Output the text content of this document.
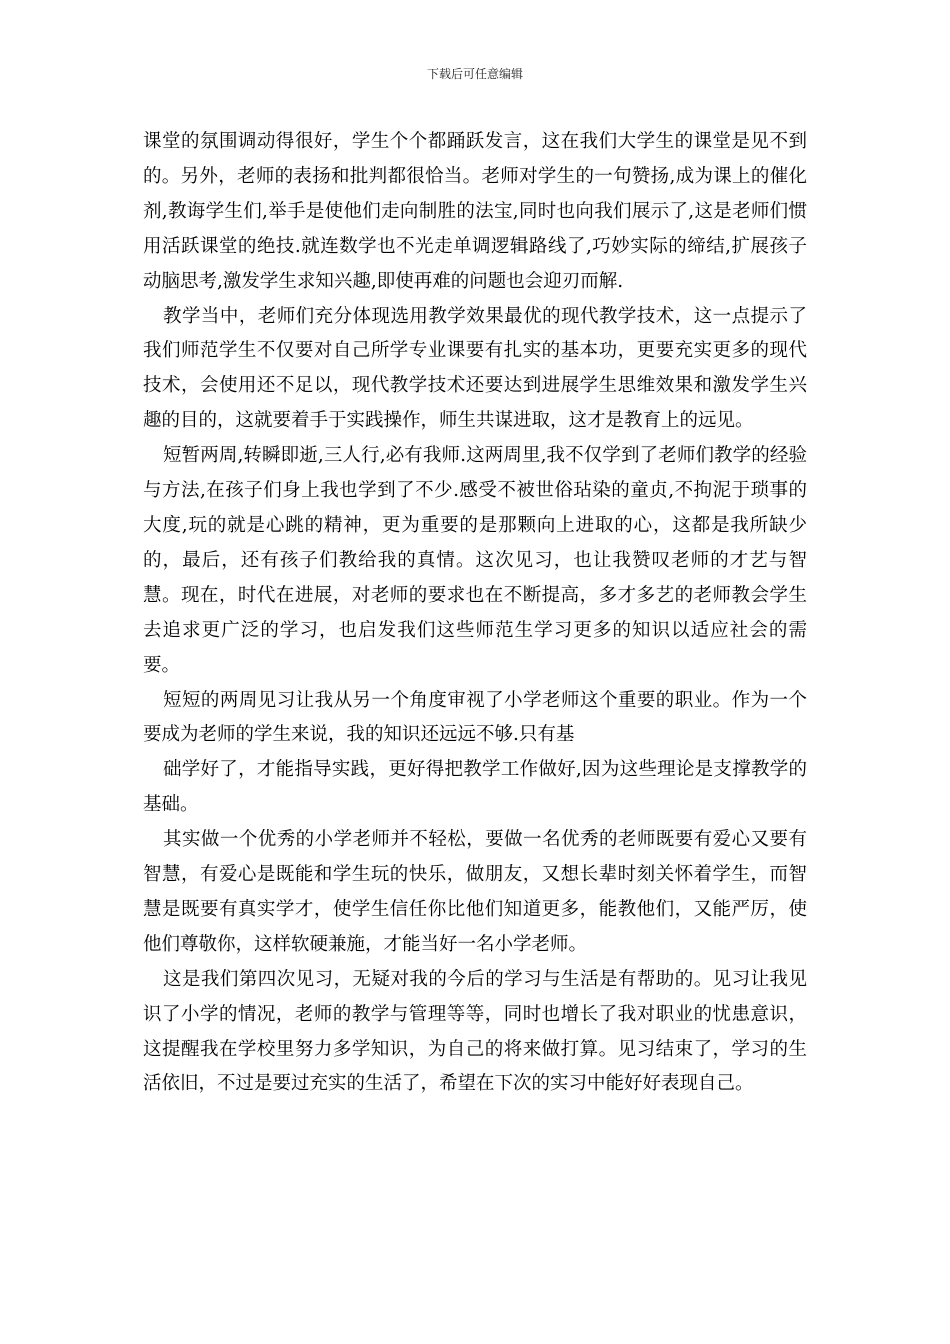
下载后可任意编辑

课堂的氛围调动得很好，学生个个都踊跃发言，这在我们大学生的课堂是见不到的。另外，老师的表扬和批判都很恰当。老师对学生的一句赞扬,成为课上的催化剂,教诲学生们,举手是使他们走向制胜的法宝,同时也向我们展示了,这是老师们惯用活跃课堂的绝技.就连数学也不光走单调逻辑路线了,巧妙实际的缔结,扩展孩子动脑思考,激发学生求知兴趣,即使再难的问题也会迎刃而解.

教学当中，老师们充分体现选用教学效果最优的现代教学技术，这一点提示了我们师范学生不仅要对自己所学专业课要有扎实的基本功，更要充实更多的现代技术，会使用还不足以，现代教学技术还要达到进展学生思维效果和激发学生兴趣的目的，这就要着手于实践操作，师生共谋进取，这才是教育上的远见。

短暂两周,转瞬即逝,三人行,必有我师.这两周里,我不仅学到了老师们教学的经验与方法,在孩子们身上我也学到了不少.感受不被世俗玷染的童贞,不拘泥于琐事的大度,玩的就是心跳的精神，更为重要的是那颗向上进取的心，这都是我所缺少的，最后，还有孩子们教给我的真情。这次见习，也让我赞叹老师的才艺与智慧。现在，时代在进展，对老师的要求也在不断提高，多才多艺的老师教会学生去追求更广泛的学习，也启发我们这些师范生学习更多的知识以适应社会的需要。

短短的两周见习让我从另一个角度审视了小学老师这个重要的职业。作为一个要成为老师的学生来说，我的知识还远远不够.只有基

础学好了，才能指导实践，更好得把教学工作做好,因为这些理论是支撑教学的基础。

其实做一个优秀的小学老师并不轻松，要做一名优秀的老师既要有爱心又要有智慧，有爱心是既能和学生玩的快乐，做朋友，又想长辈时刻关怀着学生，而智慧是既要有真实学才，使学生信任你比他们知道更多，能教他们，又能严厉，使他们尊敬你，这样软硬兼施，才能当好一名小学老师。

这是我们第四次见习，无疑对我的今后的学习与生活是有帮助的。见习让我见识了小学的情况，老师的教学与管理等等，同时也增长了我对职业的忧患意识，这提醒我在学校里努力多学知识，为自己的将来做打算。见习结束了，学习的生活依旧，不过是要过充实的生活了，希望在下次的实习中能好好表现自己。
